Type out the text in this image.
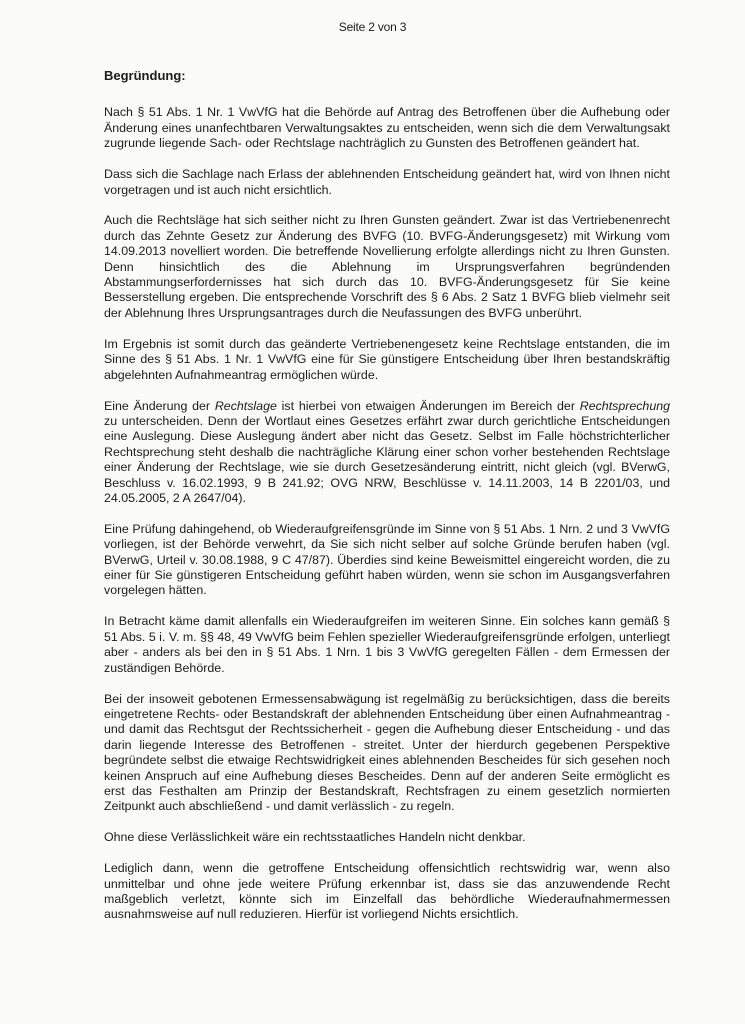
Seite 2 von 3
Begründung:

Nach § 51 Abs. 1 Nr. 1 VwVfG hat die Behörde auf Antrag des Betroffenen über die Aufhebung oder Änderung eines unanfechtbaren Verwaltungsaktes zu entscheiden, wenn sich die dem Verwaltungsakt zugrunde liegende Sach- oder Rechtslage nachträglich zu Gunsten des Betroffenen geändert hat.

Dass sich die Sachlage nach Erlass der ablehnenden Entscheidung geändert hat, wird von Ihnen nicht vorgetragen und ist auch nicht ersichtlich.

Auch die Rechtsläge hat sich seither nicht zu Ihren Gunsten geändert. Zwar ist das Vertriebenenrecht durch das Zehnte Gesetz zur Änderung des BVFG (10. BVFG-Änderungsgesetz) mit Wirkung vom 14.09.2013 novelliert worden. Die betreffende Novellierung erfolgte allerdings nicht zu Ihren Gunsten. Denn hinsichtlich des die Ablehnung im Ursprungsverfahren begründenden Abstammungserfordernisses hat sich durch das 10. BVFG-Änderungsgesetz für Sie keine Besserstellung ergeben. Die entsprechende Vorschrift des § 6 Abs. 2 Satz 1 BVFG blieb vielmehr seit der Ablehnung Ihres Ursprungsantrages durch die Neufassungen des BVFG unberührt.

Im Ergebnis ist somit durch das geänderte Vertriebenengesetz keine Rechtslage entstanden, die im Sinne des § 51 Abs. 1 Nr. 1 VwVfG eine für Sie günstigere Entscheidung über Ihren bestandskräftig abgelehnten Aufnahmeantrag ermöglichen würde.

Eine Änderung der Rechtslage ist hierbei von etwaigen Änderungen im Bereich der Rechtsprechung zu unterscheiden. Denn der Wortlaut eines Gesetzes erfährt zwar durch gerichtliche Entscheidungen eine Auslegung. Diese Auslegung ändert aber nicht das Gesetz. Selbst im Falle höchstrichterlicher Rechtsprechung steht deshalb die nachträgliche Klärung einer schon vorher bestehenden Rechtslage einer Änderung der Rechtslage, wie sie durch Gesetzesänderung eintritt, nicht gleich (vgl. BVerwG, Beschluss v. 16.02.1993, 9 B 241.92; OVG NRW, Beschlüsse v. 14.11.2003, 14 B 2201/03, und 24.05.2005, 2 A 2647/04).

Eine Prüfung dahingehend, ob Wiederaufgreifensgründe im Sinne von § 51 Abs. 1 Nrn. 2 und 3 VwVfG vorliegen, ist der Behörde verwehrt, da Sie sich nicht selber auf solche Gründe berufen haben (vgl. BVerwG, Urteil v. 30.08.1988, 9 C 47/87). Überdies sind keine Beweismittel eingereicht worden, die zu einer für Sie günstigeren Entscheidung geführt haben würden, wenn sie schon im Ausgangsverfahren vorgelegen hätten.

In Betracht käme damit allenfalls ein Wiederaufgreifen im weiteren Sinne. Ein solches kann gemäß § 51 Abs. 5 i. V. m. §§ 48, 49 VwVfG beim Fehlen spezieller Wiederaufgreifensgründe erfolgen, unterliegt aber - anders als bei den in § 51 Abs. 1 Nrn. 1 bis 3 VwVfG geregelten Fällen - dem Ermessen der zuständigen Behörde.

Bei der insoweit gebotenen Ermessensabwägung ist regelmäßig zu berücksichtigen, dass die bereits eingetretene Rechts- oder Bestandskraft der ablehnenden Entscheidung über einen Aufnahmeantrag - und damit das Rechtsgut der Rechtssicherheit - gegen die Aufhebung dieser Entscheidung - und das darin liegende Interesse des Betroffenen - streitet. Unter der hierdurch gegebenen Perspektive begründete selbst die etwaige Rechtswidrigkeit eines ablehnenden Bescheides für sich gesehen noch keinen Anspruch auf eine Aufhebung dieses Bescheides. Denn auf der anderen Seite ermöglicht es erst das Festhalten am Prinzip der Bestandskraft, Rechtsfragen zu einem gesetzlich normierten Zeitpunkt auch abschließend - und damit verlässlich - zu regeln.

Ohne diese Verlässlichkeit wäre ein rechtsstaatliches Handeln nicht denkbar.

Lediglich dann, wenn die getroffene Entscheidung offensichtlich rechtswidrig war, wenn also unmittelbar und ohne jede weitere Prüfung erkennbar ist, dass sie das anzuwendende Recht maßgeblich verletzt, könnte sich im Einzelfall das behördliche Wiederaufnahmermessen ausnahmsweise auf null reduzieren. Hierfür ist vorliegend Nichts ersichtlich.
